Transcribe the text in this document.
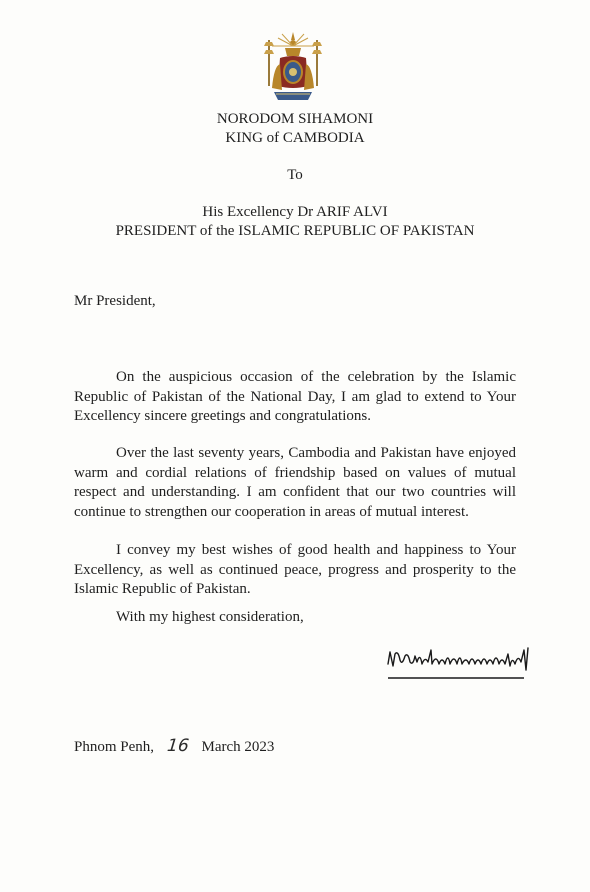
NORODOM SIHAMONI
KING of CAMBODIA
To
His Excellency Dr ARIF ALVI
PRESIDENT of the ISLAMIC REPUBLIC OF PAKISTAN
Mr President,

On the auspicious occasion of the celebration by the Islamic Republic of Pakistan of the National Day, I am glad to extend to Your Excellency sincere greetings and congratulations.

Over the last seventy years, Cambodia and Pakistan have enjoyed warm and cordial relations of friendship based on values of mutual respect and understanding. I am confident that our two countries will continue to strengthen our cooperation in areas of mutual interest.

I convey my best wishes of good health and happiness to Your Excellency, as well as continued peace, progress and prosperity to the Islamic Republic of Pakistan.

With my highest consideration,
Phnom Penh, 16 March 2023
